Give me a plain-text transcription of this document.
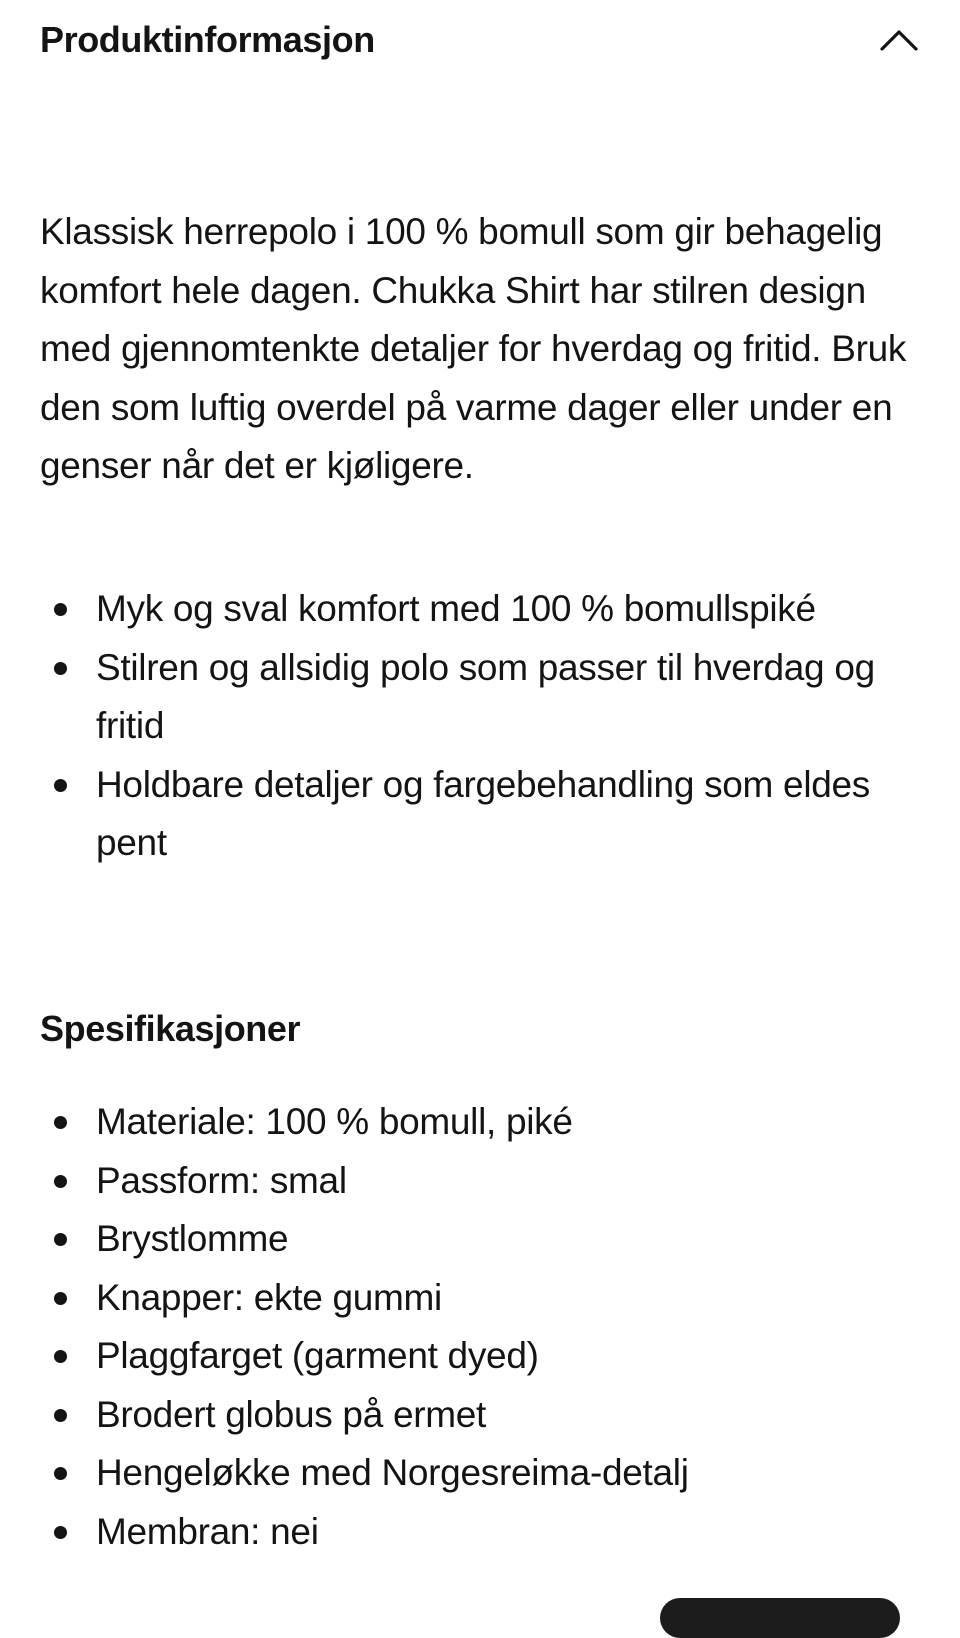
Produktinformasjon

Klassisk herrepolo i 100 % bomull som gir behagelig komfort hele dagen. Chukka Shirt har stilren design med gjennomtenkte detaljer for hverdag og fritid. Bruk den som luftig overdel på varme dager eller under en genser når det er kjøligere.

Myk og sval komfort med 100 % bomullspiké
Stilren og allsidig polo som passer til hverdag og fritid
Holdbare detaljer og fargebehandling som eldes pent
Spesifikasjoner
Materiale: 100 % bomull, piké
Passform: smal
Brystlomme
Knapper: ekte gummi
Plaggfarget (garment dyed)
Brodert globus på ermet
Hengeløkke med Norgesreima-detalj
Membran: nei
